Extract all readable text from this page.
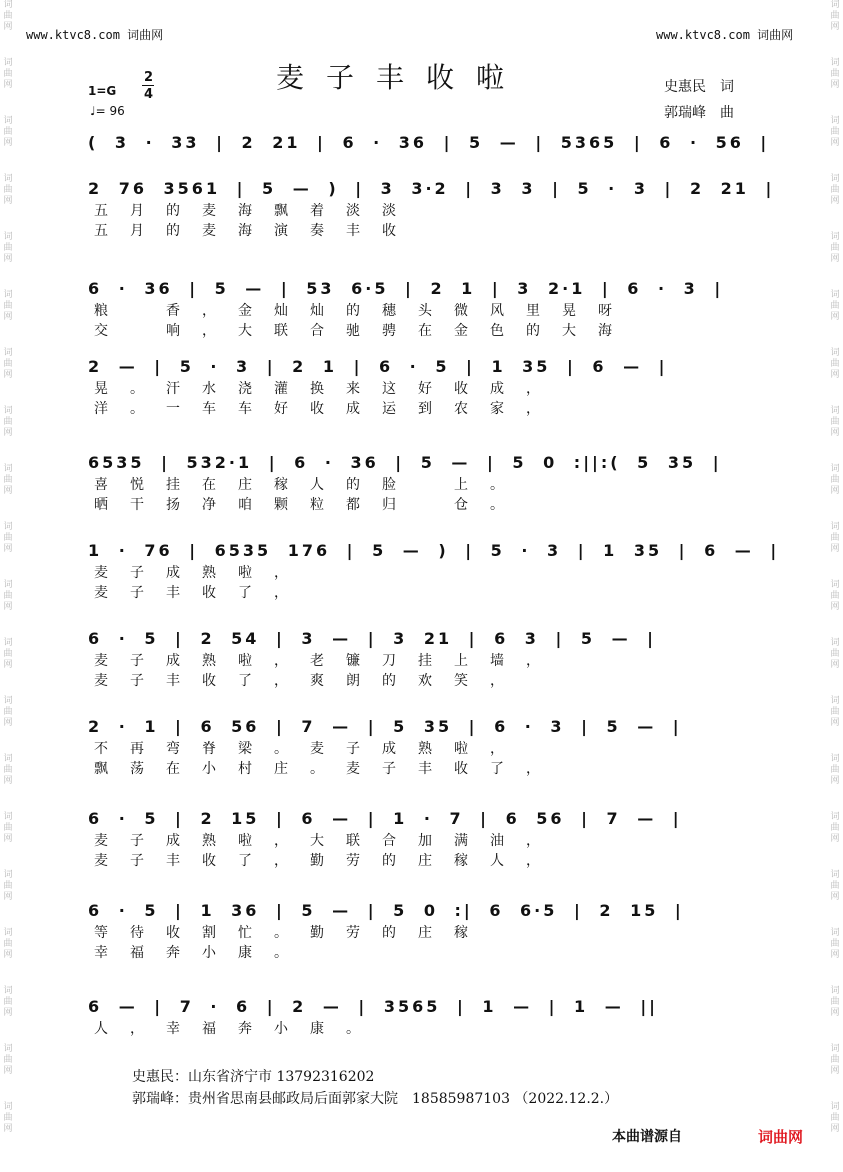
词
曲
网
词
曲
网
词
曲
网
词
曲
网
词
曲
网
词
曲
网
词
曲
网
词
曲
网
词
曲
网
词
曲
网
词
曲
网
词
曲
网
词
曲
网
词
曲
网
词
曲
网
词
曲
网
词
曲
网
词
曲
网
词
曲
网
词
曲
网
词
曲
网
词
曲
网
词
曲
网
词
曲
网
词
曲
网
词
曲
网
词
曲
网
词
曲
网
词
曲
网
词
曲
网
词
曲
网
词
曲
网
词
曲
网
词
曲
网
词
曲
网
词
曲
网
词
曲
网
词
曲
网
词
曲
网
词
曲
网
www.ktvc8.com 词曲网	www.ktvc8.com 词曲网
麦子丰收啦
1=G
2
4
♩= 96
史惠民　词
郭瑞峰　曲
( 3 · 33 | 2 21 | 6 · 36 | 5 — | 5365 | 6 · 56 |
2 76 3561 | 5 — ) | 3 3·2 | 3 3 | 5 · 3 | 2 21 |
五月的麦海飘着淡淡
五月的麦海演奏丰收
6 · 36 | 5 — | 53 6·5 | 2 1 | 3 2·1 | 6 · 3 |
粮　香，金灿灿的穗头微风里晃呀
交　响，大联合驰骋在金色的大海
2 — | 5 · 3 | 2 1 | 6 · 5 | 1 35 | 6 — |
晃。汗水浇灌换来这好收成，
洋。一车车好收成运到农家，
6535 | 532·1 | 6 · 36 | 5 — | 5 0 :||:( 5 35 |
喜悦挂在庄稼人的脸　上。
晒干扬净咱颗粒都归　仓。
1 · 76 | 6535 176 | 5 — ) | 5 · 3 | 1 35 | 6 — |
麦子成熟啦，
麦子丰收了，
6 · 5 | 2 54 | 3 — | 3 21 | 6 3 | 5 — |
麦子成熟啦，老镰刀挂上墙，
麦子丰收了，爽朗的欢笑，
2 · 1 | 6 56 | 7 — | 5 35 | 6 · 3 | 5 — |
不再弯脊梁。麦子成熟啦，
飘荡在小村庄。麦子丰收了，
6 · 5 | 2 15 | 6 — | 1 · 7 | 6 56 | 7 — |
麦子成熟啦，大联合加满油，
麦子丰收了，勤劳的庄稼人，
6 · 5 | 1 36 | 5 — | 5 0 :| 6 6·5 | 2 15 |
等待收割忙。勤劳的庄稼
幸福奔小康。
6 — | 7 · 6 | 2 — | 3565 | 1 — | 1 — ||
人，幸福奔小康。
史惠民：山东省济宁市 13792316202
郭瑞峰：贵州省思南县邮政局后面郭家大院　18585987103 （2022.12.2.）
本曲谱源自	词曲网
